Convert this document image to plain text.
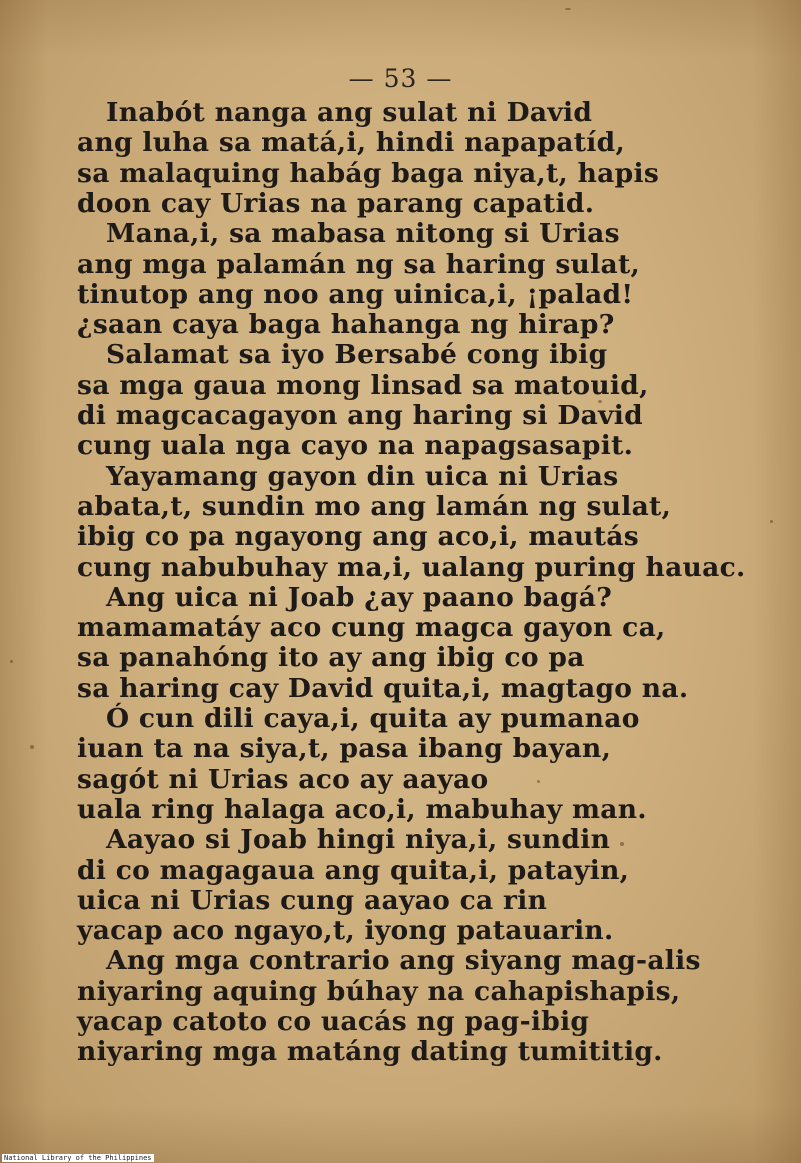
— 53 —
Inabót nanga ang sulat ni David
ang luha sa matá,i, hindi napapatíd,
sa malaquing habág baga niya,t, hapis
doon cay Urias na parang capatid.
Mana,i, sa mabasa nitong si Urias
ang mga palamán ng sa haring sulat,
tinutop ang noo ang uinica,i, ¡palad!
¿saan caya baga hahanga ng hirap?
Salamat sa iyo Bersabé cong ibig
sa mga gaua mong linsad sa matouid,
di magcacagayon ang haring si David
cung uala nga cayo na napagsasapit.
Yayamang gayon din uica ni Urias
abata,t, sundin mo ang lamán ng sulat,
ibig co pa ngayong ang aco,i, mautás
cung nabubuhay ma,i, ualang puring hauac.
Ang uica ni Joab ¿ay paano bagá?
mamamatáy aco cung magca gayon ca,
sa panahóng ito ay ang ibig co pa
sa haring cay David quita,i, magtago na.
Ó cun dili caya,i, quita ay pumanao
iuan ta na siya,t, pasa ibang bayan,
sagót ni Urias aco ay aayao
uala ring halaga aco,i, mabuhay man.
Aayao si Joab hingi niya,i, sundin
di co magagaua ang quita,i, patayin,
uica ni Urias cung aayao ca rin
yacap aco ngayo,t, iyong patauarin.
Ang mga contrario ang siyang mag-alis
niyaring aquing búhay na cahapishapis,
yacap catoto co uacás ng pag-ibig
niyaring mga matáng dating tumititig.
National Library of the Philippines
